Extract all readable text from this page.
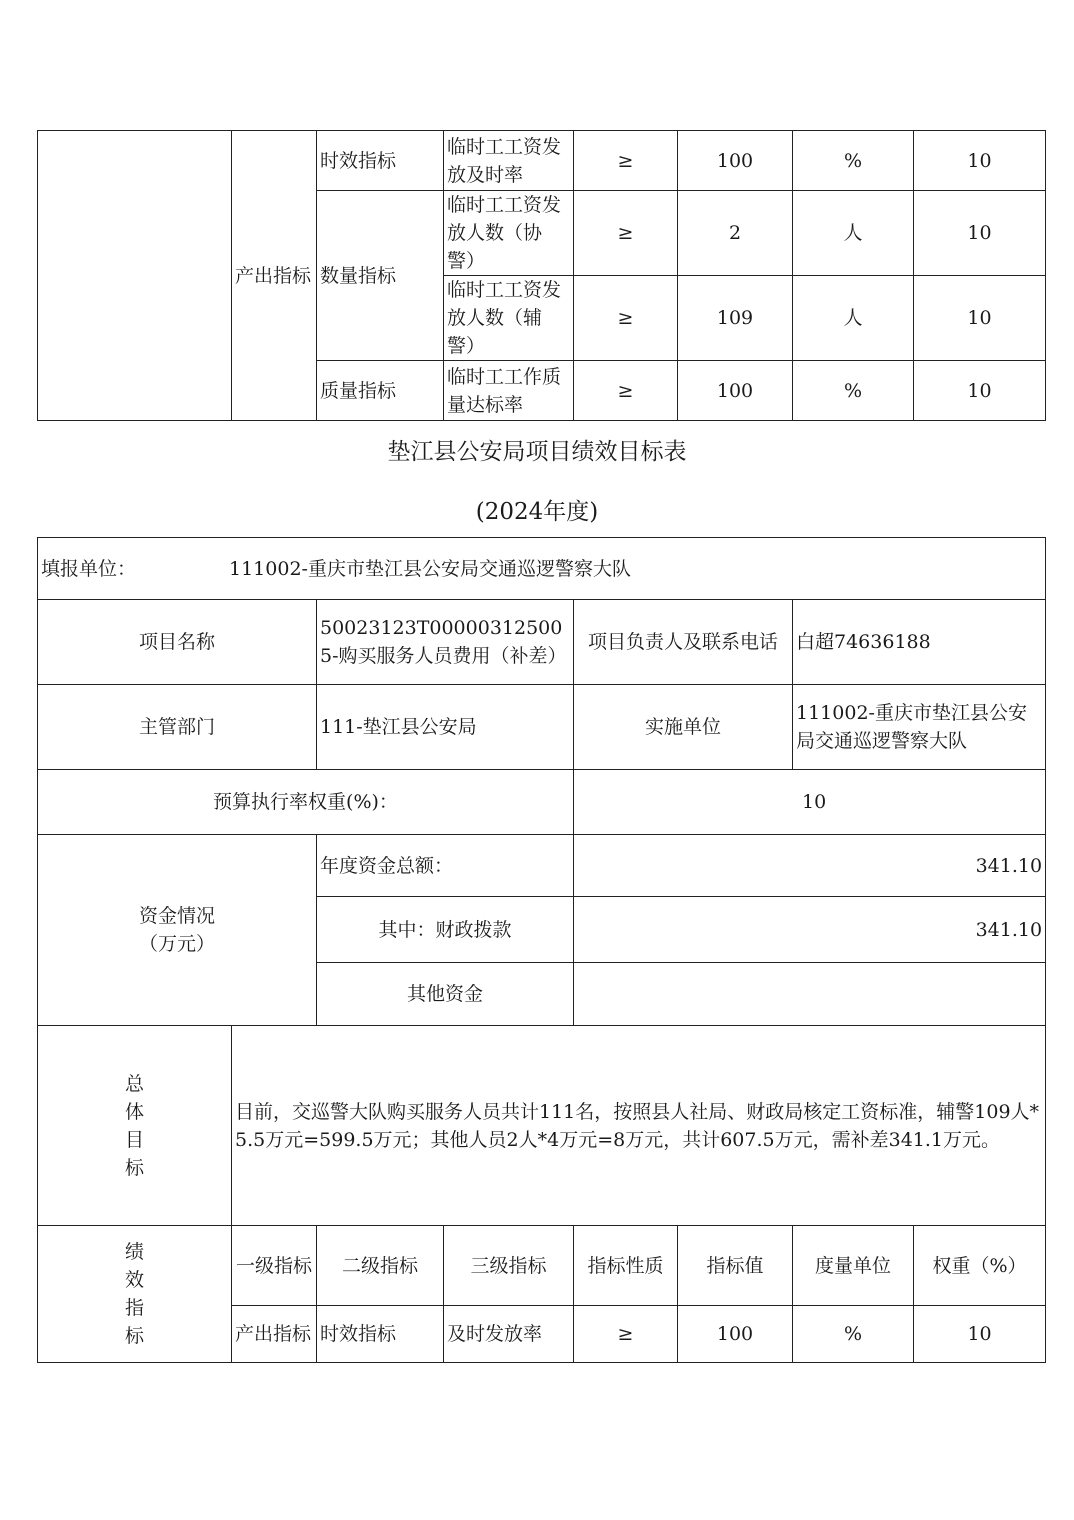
	产出指标	时效指标	临时工工资发放及时率	≥	100	%	10
		数量指标	临时工工资发放人数（协警）	≥	2	人	10
			临时工工资发放人数（辅警）	≥	109	人	10
		质量指标	临时工工作质量达标率	≥	100	%	10
垫江县公安局项目绩效目标表
(2024年度)
填报单位： 111002-重庆市垫江县公安局交通巡逻警察大队							
项目名称		50023123T000003125005-购买服务人员费用（补差）		项目负责人及联系电话		白超74636188	
主管部门		111-垫江县公安局		实施单位		111002-重庆市垫江县公安局交通巡逻警察大队	
预算执行率权重(%)：				10			
资金情况（万元）		年度资金总额：		341.10			
		其中：财政拨款		341.10			
		其他资金					
总体目标	目前，交巡警大队购买服务人员共计111名，按照县人社局、财政局核定工资标准，辅警109人*5.5万元=599.5万元；其他人员2人*4万元=8万元，共计607.5万元，需补差341.1万元。						
绩效指标	一级指标	二级指标	三级指标	指标性质	指标值	度量单位	权重（%）
	产出指标	时效指标	及时发放率	≥	100	%	10
